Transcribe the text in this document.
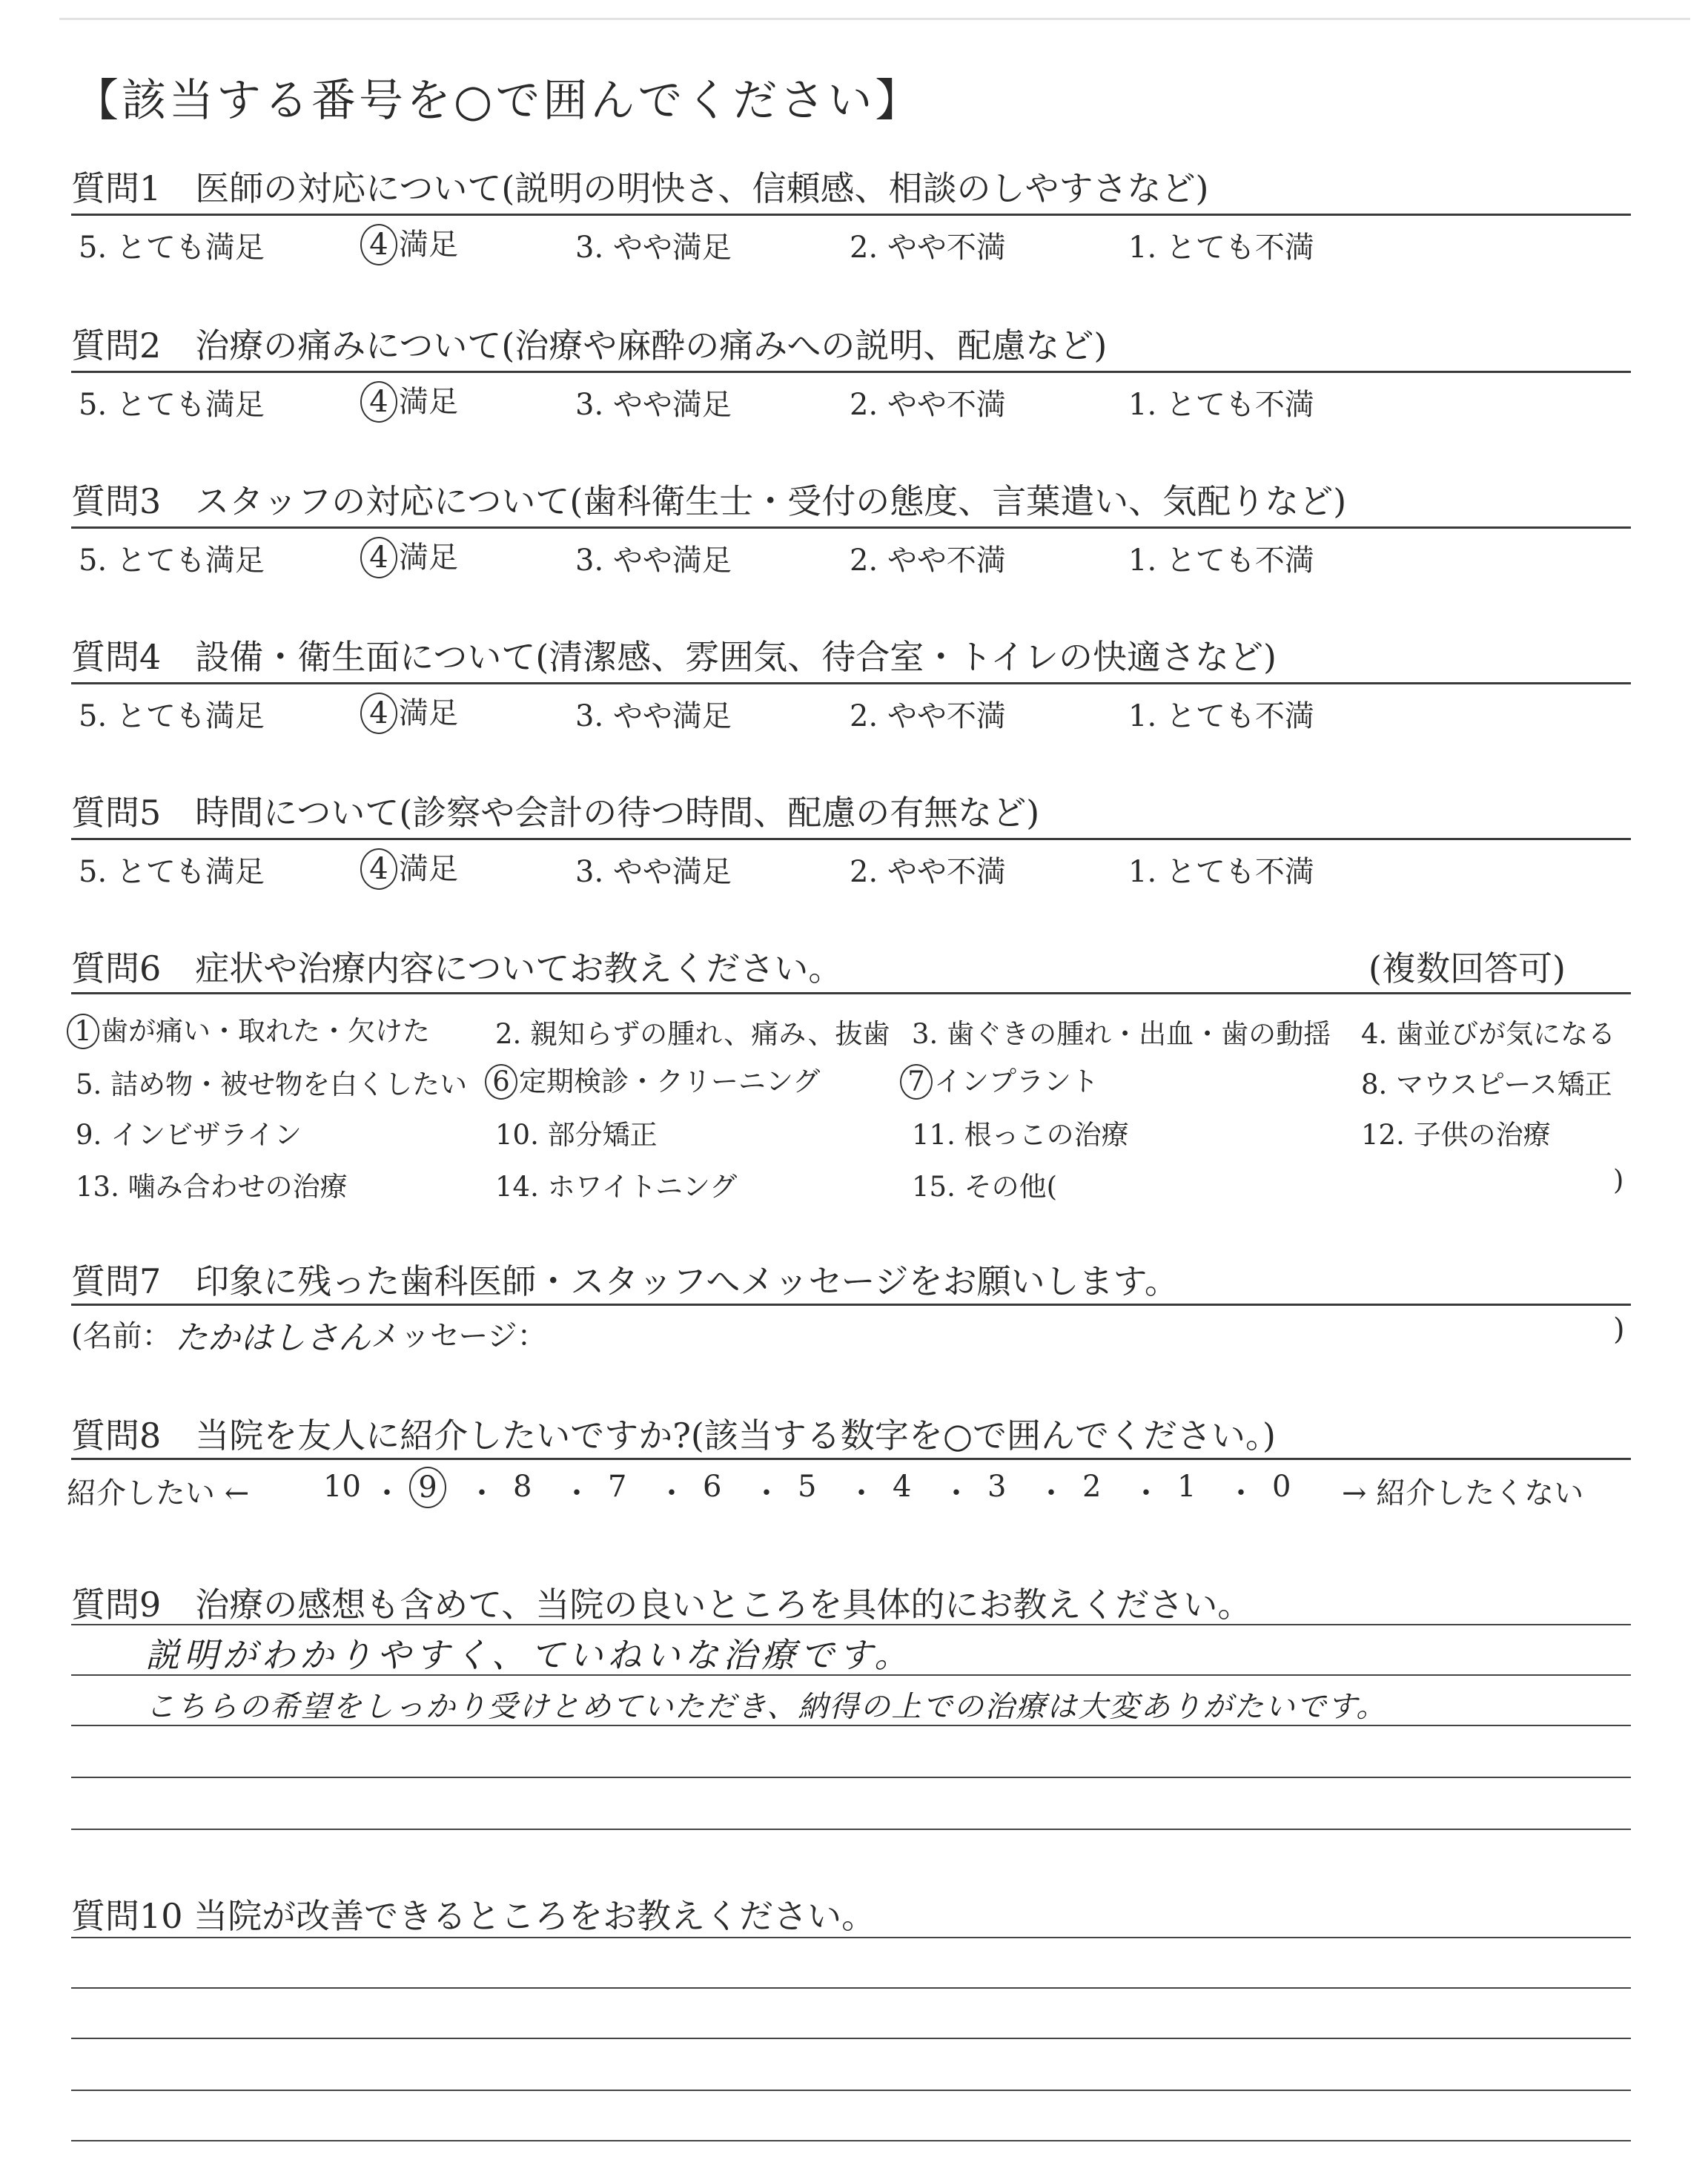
【該当する番号を○で囲んでください】
質問1　医師の対応について(説明の明快さ、信頼感、相談のしやすさなど)
5. とても満足	4 満足	3. やや満足	2. やや不満	1. とても不満
質問2　治療の痛みについて(治療や麻酔の痛みへの説明、配慮など)
5. とても満足	4 満足	3. やや満足	2. やや不満	1. とても不満
質問3　スタッフの対応について(歯科衛生士・受付の態度、言葉遣い、気配りなど)
5. とても満足	4 満足	3. やや満足	2. やや不満	1. とても不満
質問4　設備・衛生面について(清潔感、雰囲気、待合室・トイレの快適さなど)
5. とても満足	4 満足	3. やや満足	2. やや不満	1. とても不満
質問5　時間について(診察や会計の待つ時間、配慮の有無など)
5. とても満足	4 満足	3. やや満足	2. やや不満	1. とても不満
質問6　症状や治療内容についてお教えください。	(複数回答可)
1 歯が痛い・取れた・欠けた 2. 親知らずの腫れ、痛み、抜歯 3. 歯ぐきの腫れ・出血・歯の動揺 4. 歯並びが気になる
5. 詰め物・被せ物を白くしたい 6 定期検診・クリーニング	7 インプラント	8. マウスピース矯正
9. インビザライン	10. 部分矯正	11. 根っこの治療	12. 子供の治療
13. 噛み合わせの治療	14. ホワイトニング	15. その他(	)
質問7　印象に残った歯科医師・スタッフへメッセージをお願いします。
(名前： たかはしさん メッセージ：	)
質問8　当院を友人に紹介したいですか?(該当する数字を○で囲んでください。)
紹介したい ← 10 ・ 9	・ 8 ・ 7 ・ 6 ・ 5 ・ 4 ・ 3 ・ 2 ・ 1 ・ 0 → 紹介したくない
質問9　治療の感想も含めて、当院の良いところを具体的にお教えください。
説明がわかりやすく、ていねいな治療です。
こちらの希望をしっかり受けとめていただき、納得の上での治療は大変ありがたいです。
質問10 当院が改善できるところをお教えください。
